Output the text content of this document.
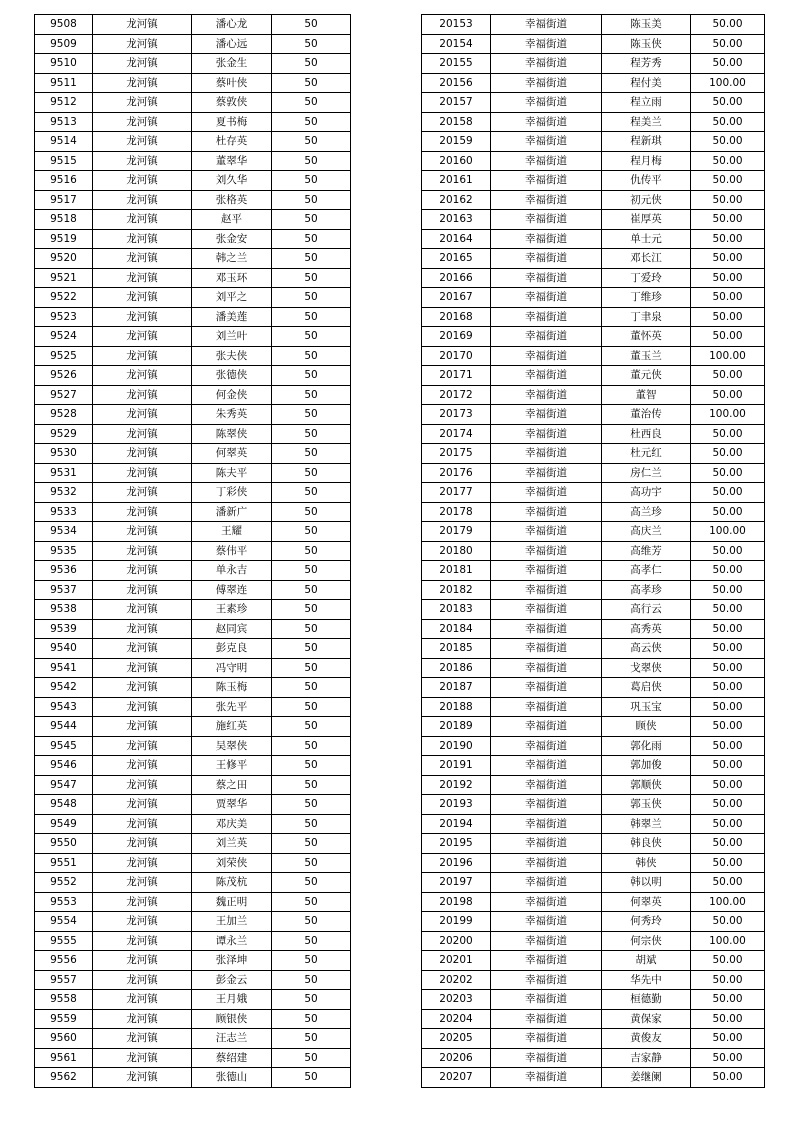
9508	龙河镇	潘心龙	50
9509	龙河镇	潘心远	50
9510	龙河镇	张金生	50
9511	龙河镇	蔡叶侠	50
9512	龙河镇	蔡敦侠	50
9513	龙河镇	夏书梅	50
9514	龙河镇	杜存英	50
9515	龙河镇	董翠华	50
9516	龙河镇	刘久华	50
9517	龙河镇	张格英	50
9518	龙河镇	赵平	50
9519	龙河镇	张金安	50
9520	龙河镇	韩之兰	50
9521	龙河镇	邓玉环	50
9522	龙河镇	刘平之	50
9523	龙河镇	潘美莲	50
9524	龙河镇	刘兰叶	50
9525	龙河镇	张夫侠	50
9526	龙河镇	张德侠	50
9527	龙河镇	何金侠	50
9528	龙河镇	朱秀英	50
9529	龙河镇	陈翠侠	50
9530	龙河镇	何翠英	50
9531	龙河镇	陈夫平	50
9532	龙河镇	丁彩侠	50
9533	龙河镇	潘新广	50
9534	龙河镇	王耀	50
9535	龙河镇	蔡伟平	50
9536	龙河镇	单永吉	50
9537	龙河镇	傅翠连	50
9538	龙河镇	王素珍	50
9539	龙河镇	赵同宾	50
9540	龙河镇	彭克良	50
9541	龙河镇	冯守明	50
9542	龙河镇	陈玉梅	50
9543	龙河镇	张先平	50
9544	龙河镇	施红英	50
9545	龙河镇	吴翠侠	50
9546	龙河镇	王修平	50
9547	龙河镇	蔡之田	50
9548	龙河镇	贾翠华	50
9549	龙河镇	邓庆美	50
9550	龙河镇	刘兰英	50
9551	龙河镇	刘荣侠	50
9552	龙河镇	陈茂杭	50
9553	龙河镇	魏正明	50
9554	龙河镇	王加兰	50
9555	龙河镇	谭永兰	50
9556	龙河镇	张泽坤	50
9557	龙河镇	彭金云	50
9558	龙河镇	王月娥	50
9559	龙河镇	顾银侠	50
9560	龙河镇	汪志兰	50
9561	龙河镇	蔡绍建	50
9562	龙河镇	张德山	50
20153	幸福街道	陈玉美	50.00
20154	幸福街道	陈玉侠	50.00
20155	幸福街道	程芳秀	50.00
20156	幸福街道	程付美	100.00
20157	幸福街道	程立雨	50.00
20158	幸福街道	程美兰	50.00
20159	幸福街道	程新琪	50.00
20160	幸福街道	程月梅	50.00
20161	幸福街道	仇传平	50.00
20162	幸福街道	初元侠	50.00
20163	幸福街道	崔厚英	50.00
20164	幸福街道	单士元	50.00
20165	幸福街道	邓长江	50.00
20166	幸福街道	丁爱玲	50.00
20167	幸福街道	丁维珍	50.00
20168	幸福街道	丁聿泉	50.00
20169	幸福街道	董怀英	50.00
20170	幸福街道	董玉兰	100.00
20171	幸福街道	董元侠	50.00
20172	幸福街道	董智	50.00
20173	幸福街道	董治传	100.00
20174	幸福街道	杜西良	50.00
20175	幸福街道	杜元红	50.00
20176	幸福街道	房仁兰	50.00
20177	幸福街道	高功宇	50.00
20178	幸福街道	高兰珍	50.00
20179	幸福街道	高庆兰	100.00
20180	幸福街道	高维芳	50.00
20181	幸福街道	高孝仁	50.00
20182	幸福街道	高孝珍	50.00
20183	幸福街道	高行云	50.00
20184	幸福街道	高秀英	50.00
20185	幸福街道	高云侠	50.00
20186	幸福街道	戈翠侠	50.00
20187	幸福街道	葛启侠	50.00
20188	幸福街道	巩玉宝	50.00
20189	幸福街道	顾侠	50.00
20190	幸福街道	郭化雨	50.00
20191	幸福街道	郭加俊	50.00
20192	幸福街道	郭顺侠	50.00
20193	幸福街道	郭玉侠	50.00
20194	幸福街道	韩翠兰	50.00
20195	幸福街道	韩良侠	50.00
20196	幸福街道	韩侠	50.00
20197	幸福街道	韩以明	50.00
20198	幸福街道	何翠英	100.00
20199	幸福街道	何秀玲	50.00
20200	幸福街道	何宗侠	100.00
20201	幸福街道	胡斌	50.00
20202	幸福街道	华先中	50.00
20203	幸福街道	桓德勤	50.00
20204	幸福街道	黄保家	50.00
20205	幸福街道	黄俊友	50.00
20206	幸福街道	吉家静	50.00
20207	幸福街道	姜继阑	50.00
